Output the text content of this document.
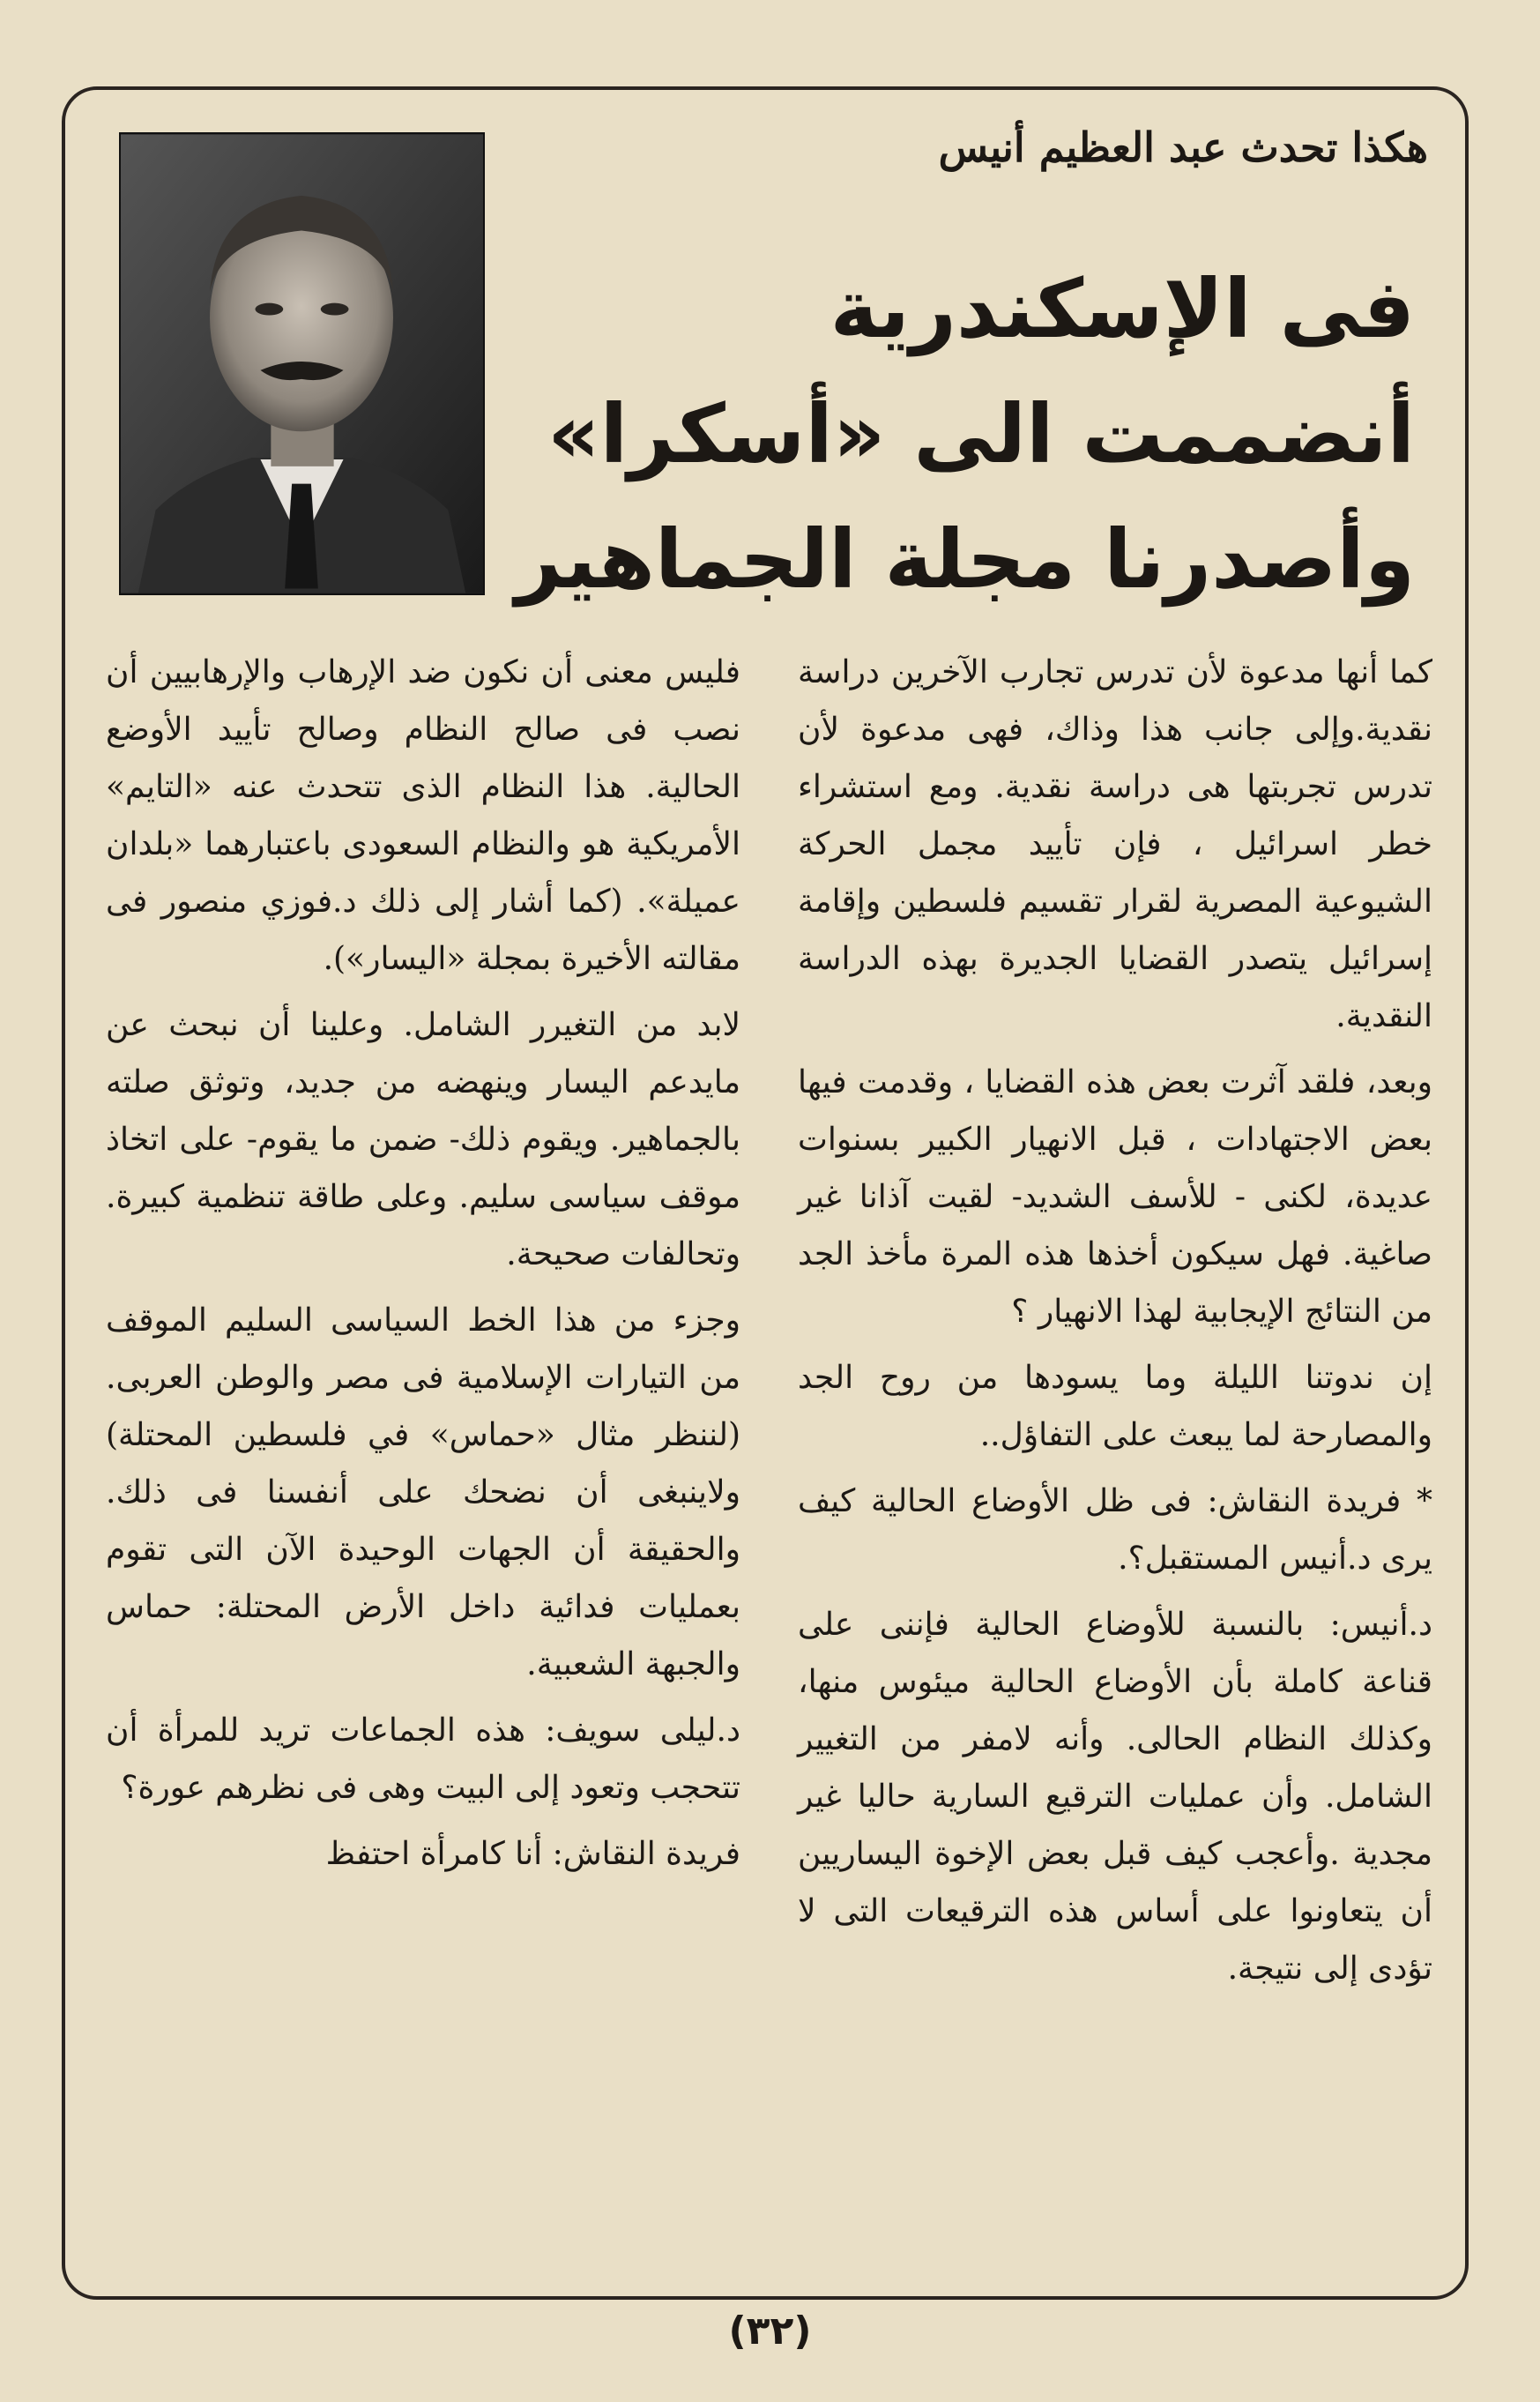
هكذا تحدث عبد العظيم أنيس
فى الإسكندرية أنضممت الى «أسكرا» وأصدرنا مجلة الجماهير

كما أنها مدعوة لأن تدرس تجارب الآخرين دراسة نقدية.وإلى جانب هذا وذاك، فهى مدعوة لأن تدرس تجربتها هى دراسة نقدية. ومع استشراء خطر اسرائيل ، فإن تأييد مجمل الحركة الشيوعية المصرية لقرار تقسيم فلسطين وإقامة إسرائيل يتصدر القضايا الجديرة بهذه الدراسة النقدية.

وبعد، فلقد آثرت بعض هذه القضايا ، وقدمت فيها بعض الاجتهادات ، قبل الانهيار الكبير بسنوات عديدة، لكنى - للأسف الشديد- لقيت آذانا غير صاغية. فهل سيكون أخذها هذه المرة مأخذ الجد من النتائج الإيجابية لهذا الانهيار ؟

إن ندوتنا الليلة وما يسودها من روح الجد والمصارحة لما يبعث على التفاؤل..

* فريدة النقاش: فى ظل الأوضاع الحالية كيف يرى د.أنيس المستقبل؟.

د.أنيس: بالنسبة للأوضاع الحالية فإننى على قناعة كاملة بأن الأوضاع الحالية ميئوس منها، وكذلك النظام الحالى. وأنه لامفر من التغيير الشامل. وأن عمليات الترقيع السارية حاليا غير مجدية .وأعجب كيف قبل بعض الإخوة اليساريين أن يتعاونوا على أساس هذه الترقيعات التى لا تؤدى إلى نتيجة.

فليس معنى أن نكون ضد الإرهاب والإرهابيين أن نصب فى صالح النظام وصالح تأييد الأوضع الحالية. هذا النظام الذى تتحدث عنه «التايم» الأمريكية هو والنظام السعودى باعتبارهما «بلدان عميلة». (كما أشار إلى ذلك د.فوزي منصور فى مقالته الأخيرة بمجلة «اليسار»).

لابد من التغيرر الشامل. وعلينا أن نبحث عن مايدعم اليسار وينهضه من جديد، وتوثق صلته بالجماهير. ويقوم ذلك- ضمن ما يقوم- على اتخاذ موقف سياسى سليم. وعلى طاقة تنظمية كبيرة. وتحالفات صحيحة.

وجزء من هذا الخط السياسى السليم الموقف من التيارات الإسلامية فى مصر والوطن العربى.(لننظر مثال «حماس» في فلسطين المحتلة) ولاينبغى أن نضحك على أنفسنا فى ذلك. والحقيقة أن الجهات الوحيدة الآن التى تقوم بعمليات فدائية داخل الأرض المحتلة: حماس والجبهة الشعبية.

د.ليلى سويف: هذه الجماعات تريد للمرأة أن تتحجب وتعود إلى البيت وهى فى نظرهم عورة؟

فريدة النقاش: أنا كامرأة احتفظ

(٣٢)
